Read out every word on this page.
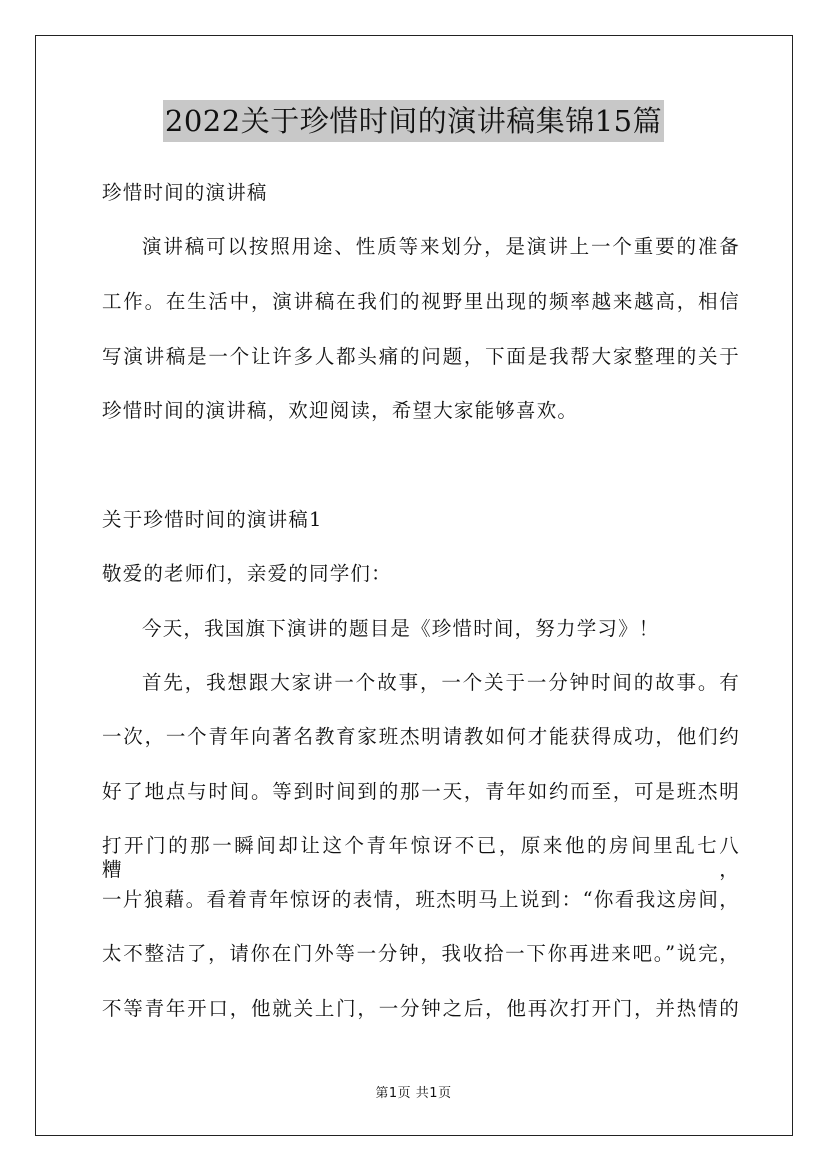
2022关于珍惜时间的演讲稿集锦15篇
珍惜时间的演讲稿
演讲稿可以按照用途、性质等来划分，是演讲上一个重要的准备
工作。在生活中，演讲稿在我们的视野里出现的频率越来越高，相信
写演讲稿是一个让许多人都头痛的问题，下面是我帮大家整理的关于
珍惜时间的演讲稿，欢迎阅读，希望大家能够喜欢。
关于珍惜时间的演讲稿1
敬爱的老师们，亲爱的同学们：
今天，我国旗下演讲的题目是《珍惜时间，努力学习》！
首先，我想跟大家讲一个故事，一个关于一分钟时间的故事。有
一次，一个青年向著名教育家班杰明请教如何才能获得成功，他们约
好了地点与时间。等到时间到的那一天，青年如约而至，可是班杰明
打开门的那一瞬间却让这个青年惊讶不已，原来他的房间里乱七八糟，
一片狼藉。看着青年惊讶的表情，班杰明马上说到：“你看我这房间，
太不整洁了，请你在门外等一分钟，我收拾一下你再进来吧。”说完，
不等青年开口，他就关上门，一分钟之后，他再次打开门，并热情的
第1页 共1页
